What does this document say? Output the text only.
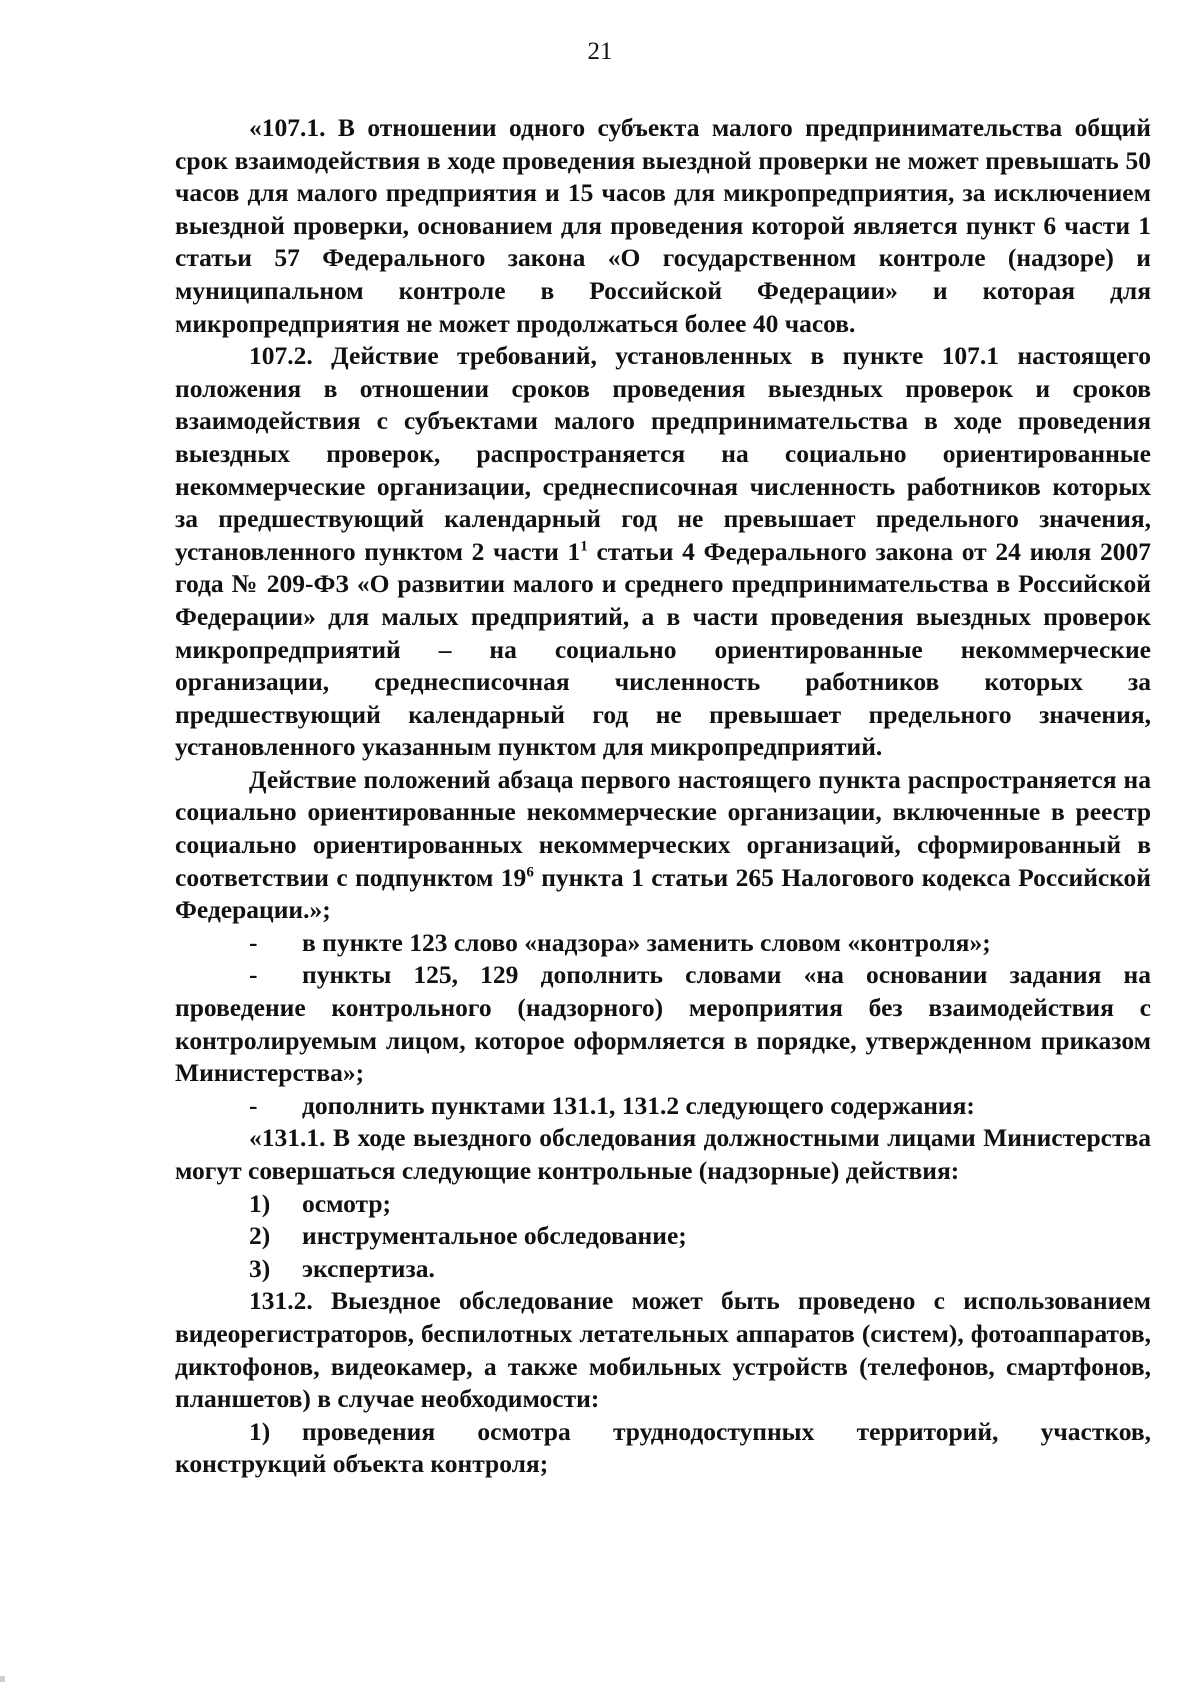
21

«107.1. В отношении одного субъекта малого предпринимательства общий срок взаимодействия в ходе проведения выездной проверки не может превышать 50 часов для малого предприятия и 15 часов для микропредприятия, за исключением выездной проверки, основанием для проведения которой является пункт 6 части 1 статьи 57 Федерального закона «О государственном контроле (надзоре) и муниципальном контроле в Российской Федерации» и которая для микропредприятия не может продолжаться более 40 часов.

107.2. Действие требований, установленных в пункте 107.1 настоящего положения в отношении сроков проведения выездных проверок и сроков взаимодействия с субъектами малого предпринимательства в ходе проведения выездных проверок, распространяется на социально ориентированные некоммерческие организации, среднесписочная численность работников которых за предшествующий календарный год не превышает предельного значения, установленного пунктом 2 части $1^1$ статьи 4 Федерального закона от 24 июля 2007 года № 209-ФЗ «О развитии малого и среднего предпринимательства в Российской Федерации» для малых предприятий, а в части проведения выездных проверок микропредприятий – на социально ориентированные некоммерческие организации, среднесписочная численность работников которых за предшествующий календарный год не превышает предельного значения, установленного указанным пунктом для микропредприятий.

Действие положений абзаца первого настоящего пункта распространяется на социально ориентированные некоммерческие организации, включенные в реестр социально ориентированных некоммерческих организаций, сформированный в соответствии с подпунктом $19^6$ пункта 1 статьи 265 Налогового кодекса Российской Федерации.»;

- в пункте 123 слово «надзора» заменить словом «контроля»;

- пункты 125, 129 дополнить словами «на основании задания на проведение контрольного (надзорного) мероприятия без взаимодействия с контролируемым лицом, которое оформляется в порядке, утвержденном приказом Министерства»;

- дополнить пунктами 131.1, 131.2 следующего содержания:

«131.1. В ходе выездного обследования должностными лицами Министерства могут совершаться следующие контрольные (надзорные) действия:

1)	осмотр;
2)	инструментальное обследование;
3)	экспертиза.

131.2. Выездное обследование может быть проведено с использованием видеорегистраторов, беспилотных летательных аппаратов (систем), фотоаппаратов, диктофонов, видеокамер, а также мобильных устройств (телефонов, смартфонов, планшетов) в случае необходимости:

1) проведения осмотра труднодоступных территорий, участков, конструкций объекта контроля;
